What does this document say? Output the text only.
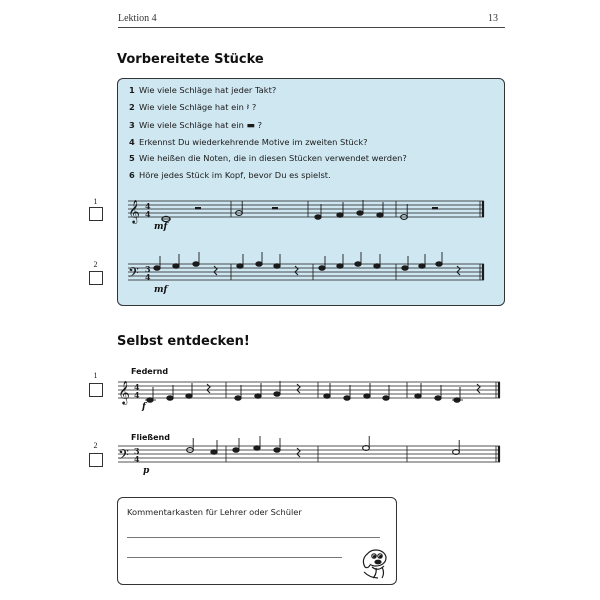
Lektion 4	13
Vorbereitete Stücke
1 Wie viele Schläge hat jeder Takt?
2 Wie viele Schläge hat ein 𝄽 ?
3 Wie viele Schläge hat ein ▬ ?
4 Erkennst Du wiederkehrende Motive im zweiten Stück?
5 Wie heißen die Noten, die in diesen Stücken verwendet werden?
6 Höre jedes Stück im Kopf, bevor Du es spielst.
1
mf
2
mf
Selbst entdecken!
Federnd
1
f
Fließend
2
p
𝄞 4
4
𝄢 3
4
𝄞 4
4
𝄢 3
4
Kommentarkasten für Lehrer oder Schüler
